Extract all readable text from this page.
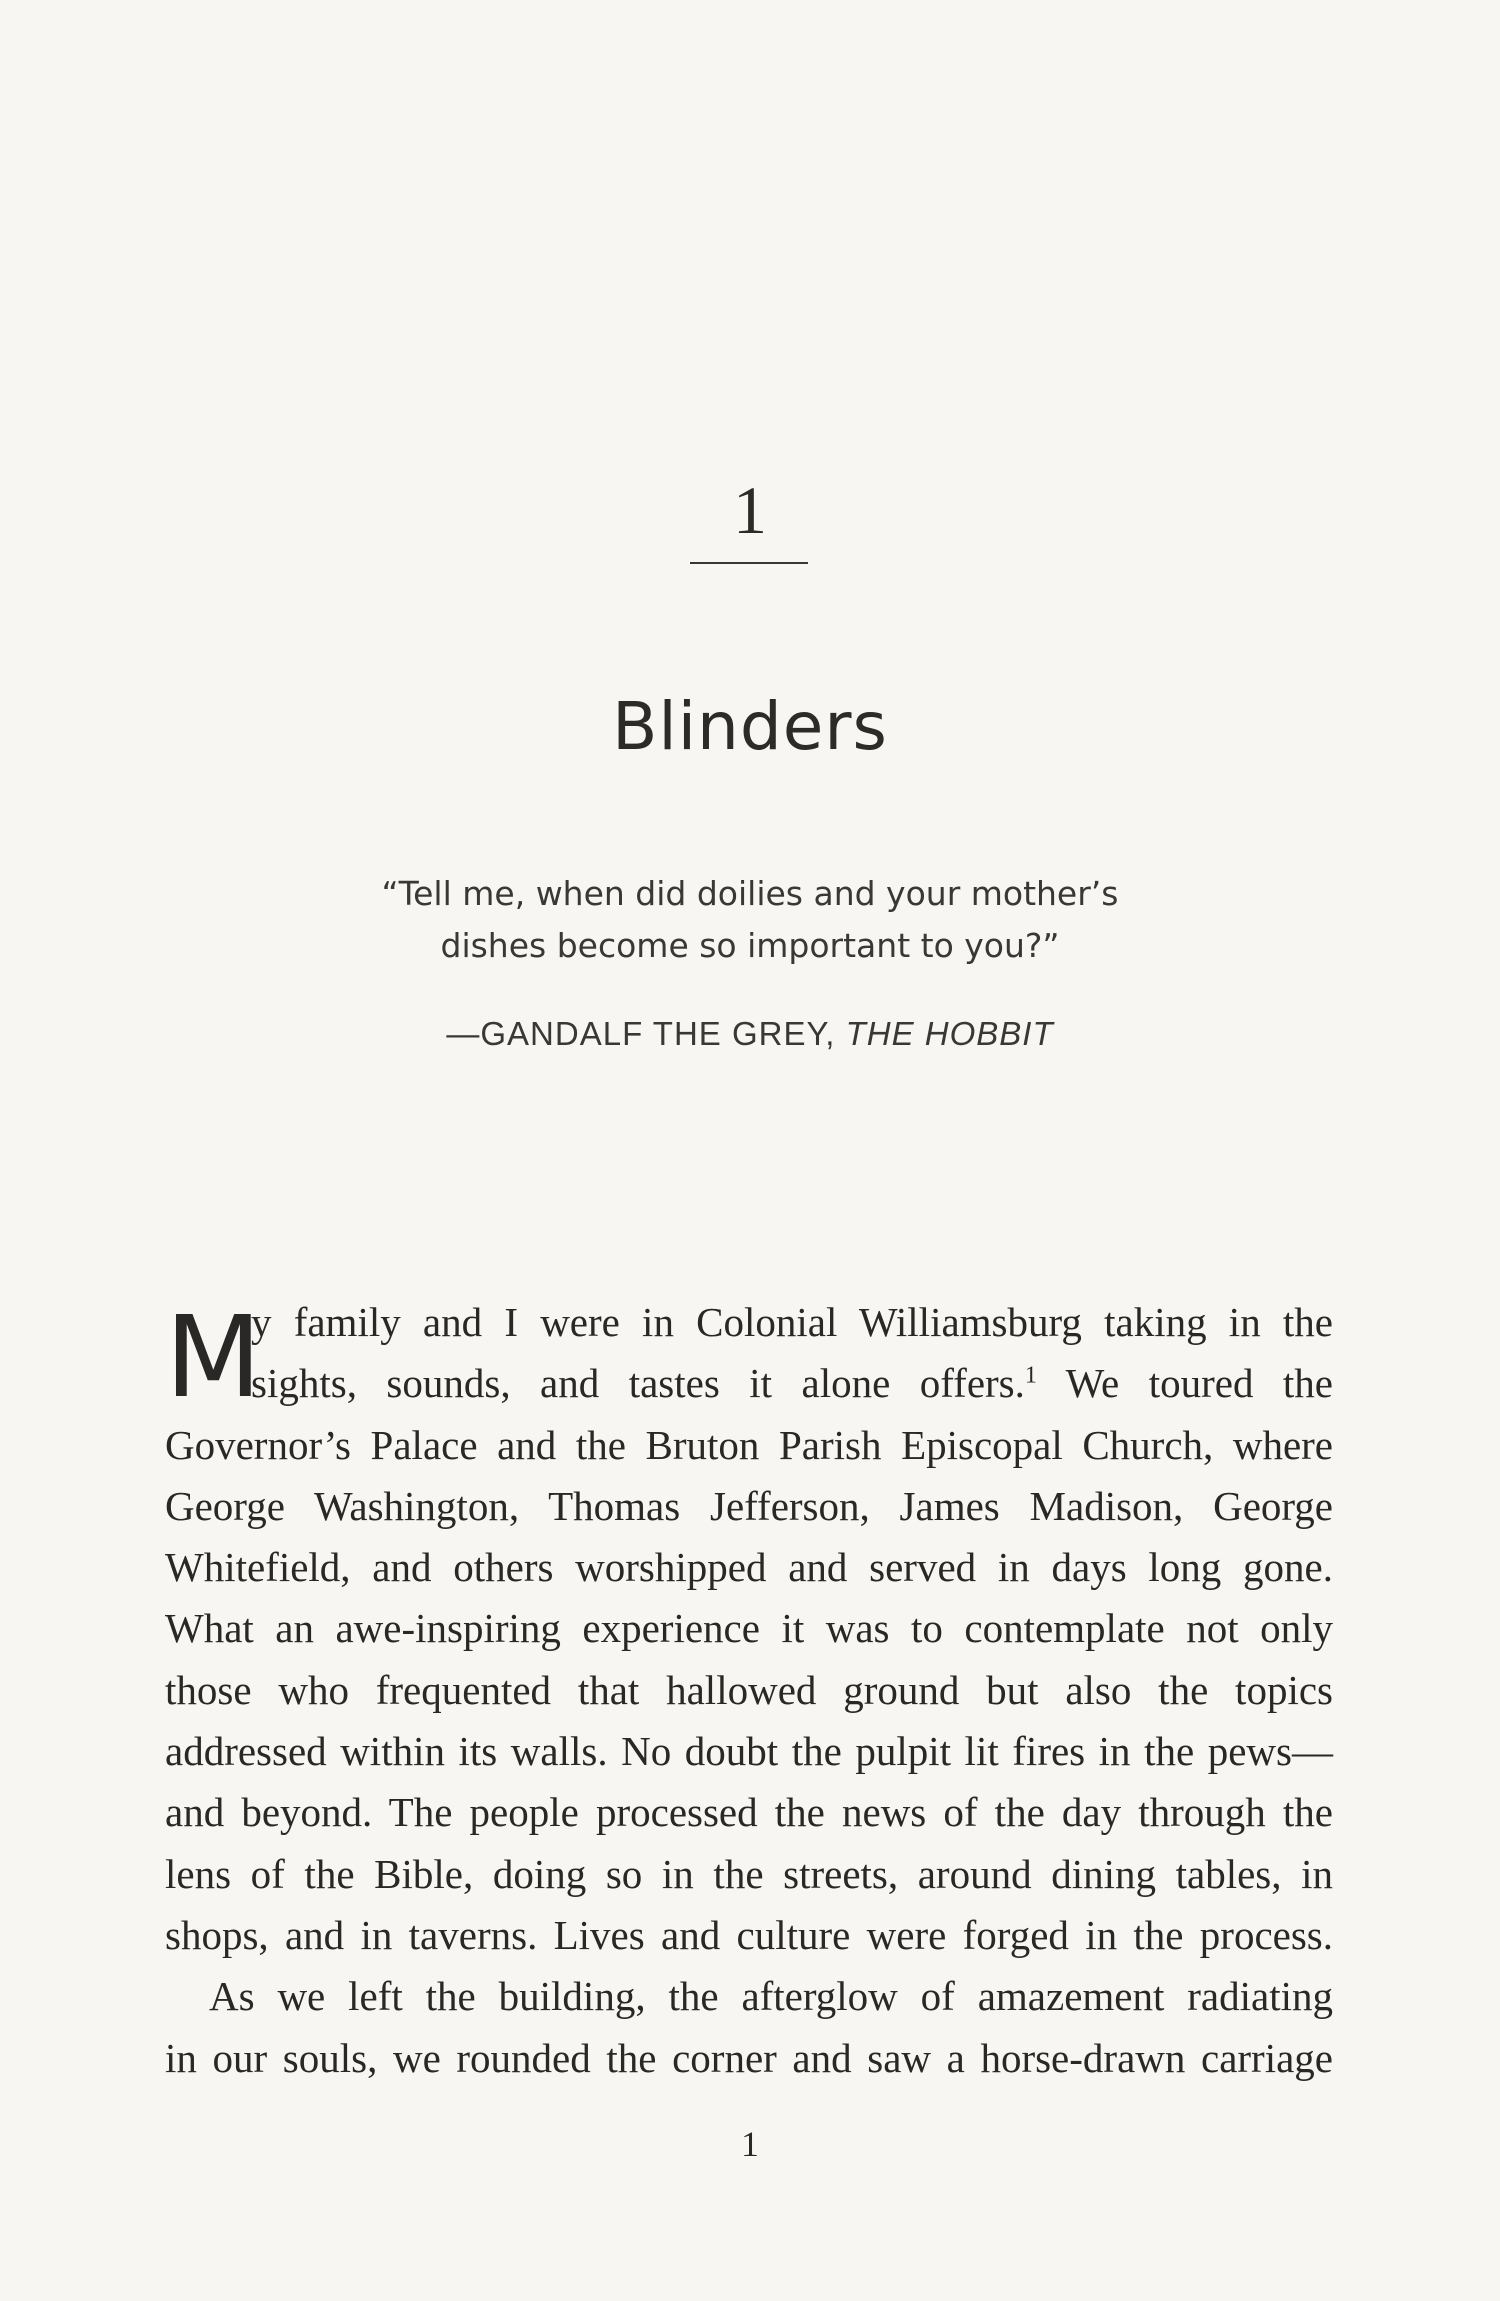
1
Blinders
“Tell me, when did doilies and your mother’s
dishes become so important to you?”
—GANDALF THE GREY, THE HOBBIT
M
y family and I were in Colonial Williamsburg taking in the
sights, sounds, and tastes it alone offers.$^1$ We toured the
Governor’s Palace and the Bruton Parish Episcopal Church, where
George Washington, Thomas Jefferson, James Madison, George
Whitefield, and others worshipped and served in days long gone.
What an awe-inspiring experience it was to contemplate not only
those who frequented that hallowed ground but also the topics
addressed within its walls. No doubt the pulpit lit fires in the pews—
and beyond. The people processed the news of the day through the
lens of the Bible, doing so in the streets, around dining tables, in
shops, and in taverns. Lives and culture were forged in the process.
As we left the building, the afterglow of amazement radiating
in our souls, we rounded the corner and saw a horse-drawn carriage
1
